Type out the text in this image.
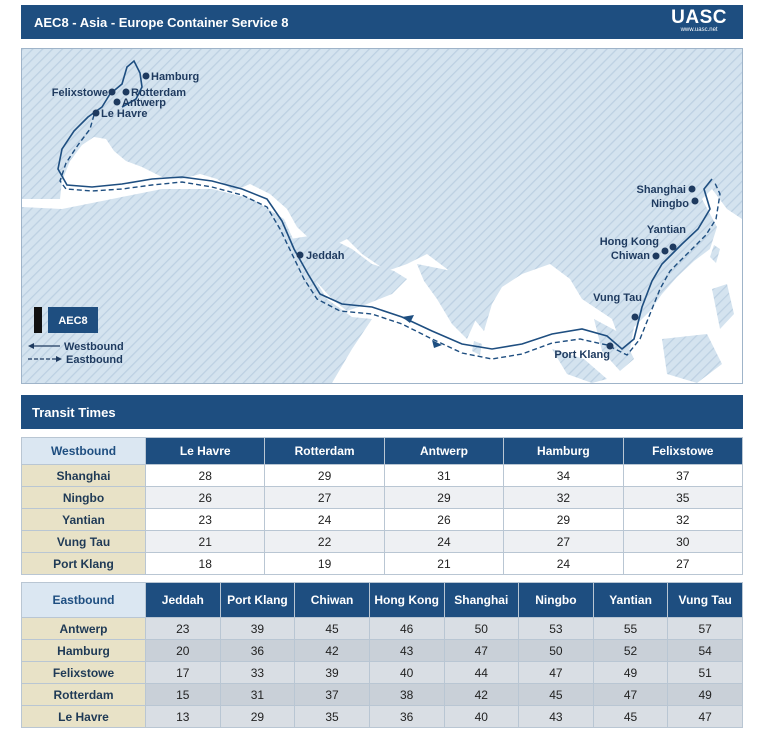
AEC8 - Asia - Europe Container Service 8	UASC
www.uasc.net
Hamburg
Felixstowe Rotterdam
Antwerp
Le Havre
Jeddah
Shanghai
Ningbo
Yantian
Hong Kong
Chiwan
Vung Tau
Port Klang
AEC8
Westbound
Eastbound
Transit Times
Westbound	Le Havre	Rotterdam	Antwerp	Hamburg	Felixstowe
Shanghai	28	29	31	34	37
Ningbo	26	27	29	32	35
Yantian	23	24	26	29	32
Vung Tau	21	22	24	27	30
Port Klang	18	19	21	24	27
Eastbound	Jeddah	Port Klang	Chiwan	Hong Kong	Shanghai	Ningbo	Yantian	Vung Tau
Antwerp	23	39	45	46	50	53	55	57
Hamburg	20	36	42	43	47	50	52	54
Felixstowe	17	33	39	40	44	47	49	51
Rotterdam	15	31	37	38	42	45	47	49
Le Havre	13	29	35	36	40	43	45	47
